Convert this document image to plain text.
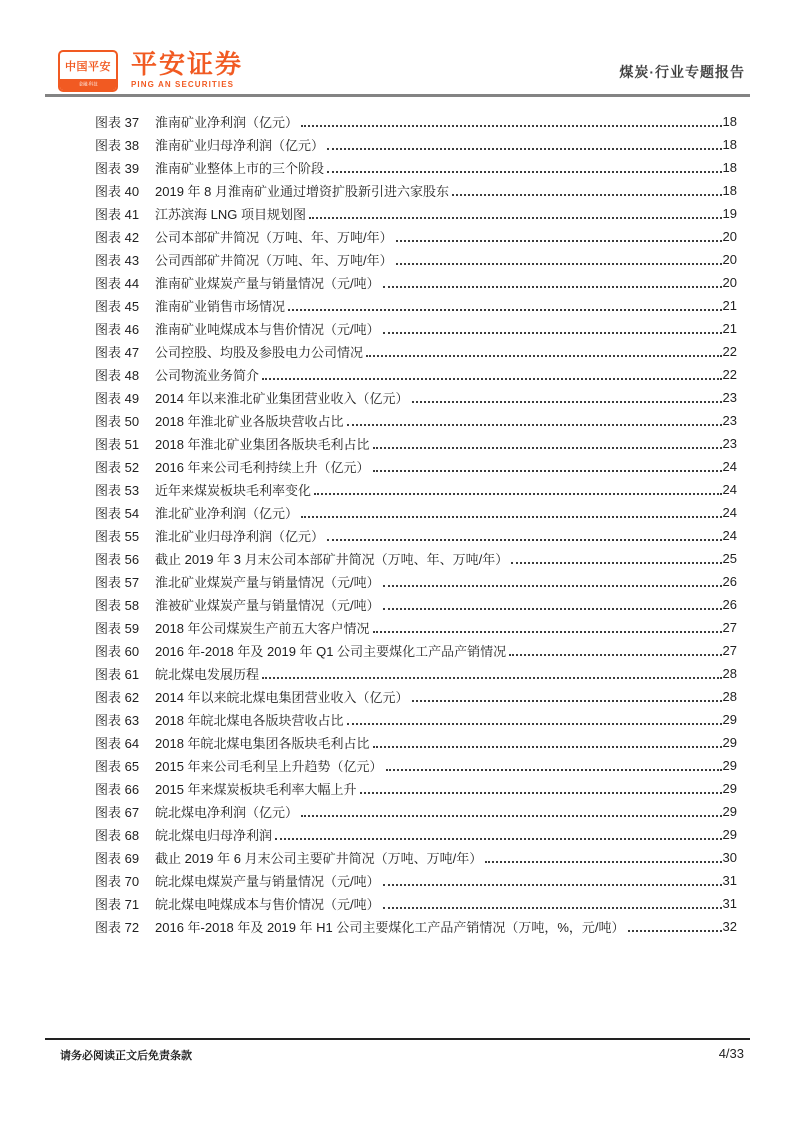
中国平安
金融·科技
平安证券
PING AN SECURITIES
煤炭·行业专题报告
图表 37	淮南矿业净利润（亿元）	18
图表 38	淮南矿业归母净利润（亿元）	18
图表 39	淮南矿业整体上市的三个阶段	18
图表 40	2019 年 8 月淮南矿业通过增资扩股新引进六家股东	18
图表 41	江苏滨海 LNG 项目规划图	19
图表 42	公司本部矿井简况（万吨、年、万吨/年）	20
图表 43	公司西部矿井简况（万吨、年、万吨/年）	20
图表 44	淮南矿业煤炭产量与销量情况（元/吨）	20
图表 45	淮南矿业销售市场情况	21
图表 46	淮南矿业吨煤成本与售价情况（元/吨）	21
图表 47	公司控股、均股及参股电力公司情况	22
图表 48	公司物流业务简介	22
图表 49	2014 年以来淮北矿业集团营业收入（亿元）	23
图表 50	2018 年淮北矿业各版块营收占比	23
图表 51	2018 年淮北矿业集团各版块毛利占比	23
图表 52	2016 年来公司毛利持续上升（亿元）	24
图表 53	近年来煤炭板块毛利率变化	24
图表 54	淮北矿业净利润（亿元）	24
图表 55	淮北矿业归母净利润（亿元）	24
图表 56	截止 2019 年 3 月末公司本部矿井简况（万吨、年、万吨/年）	25
图表 57	淮北矿业煤炭产量与销量情况（元/吨）	26
图表 58	淮被矿业煤炭产量与销量情况（元/吨）	26
图表 59	2018 年公司煤炭生产前五大客户情况	27
图表 60	2016 年-2018 年及 2019 年 Q1 公司主要煤化工产品产销情况	27
图表 61	皖北煤电发展历程	28
图表 62	2014 年以来皖北煤电集团营业收入（亿元）	28
图表 63	2018 年皖北煤电各版块营收占比	29
图表 64	2018 年皖北煤电集团各版块毛利占比	29
图表 65	2015 年来公司毛利呈上升趋势（亿元）	29
图表 66	2015 年来煤炭板块毛利率大幅上升	29
图表 67	皖北煤电净利润（亿元）	29
图表 68	皖北煤电归母净利润	29
图表 69	截止 2019 年 6 月末公司主要矿井简况（万吨、万吨/年）	30
图表 70	皖北煤电煤炭产量与销量情况（元/吨）	31
图表 71	皖北煤电吨煤成本与售价情况（元/吨）	31
图表 72	2016 年-2018 年及 2019 年 H1 公司主要煤化工产品产销情况（万吨，%，元/吨）	32
请务必阅读正文后免责条款	4/33
